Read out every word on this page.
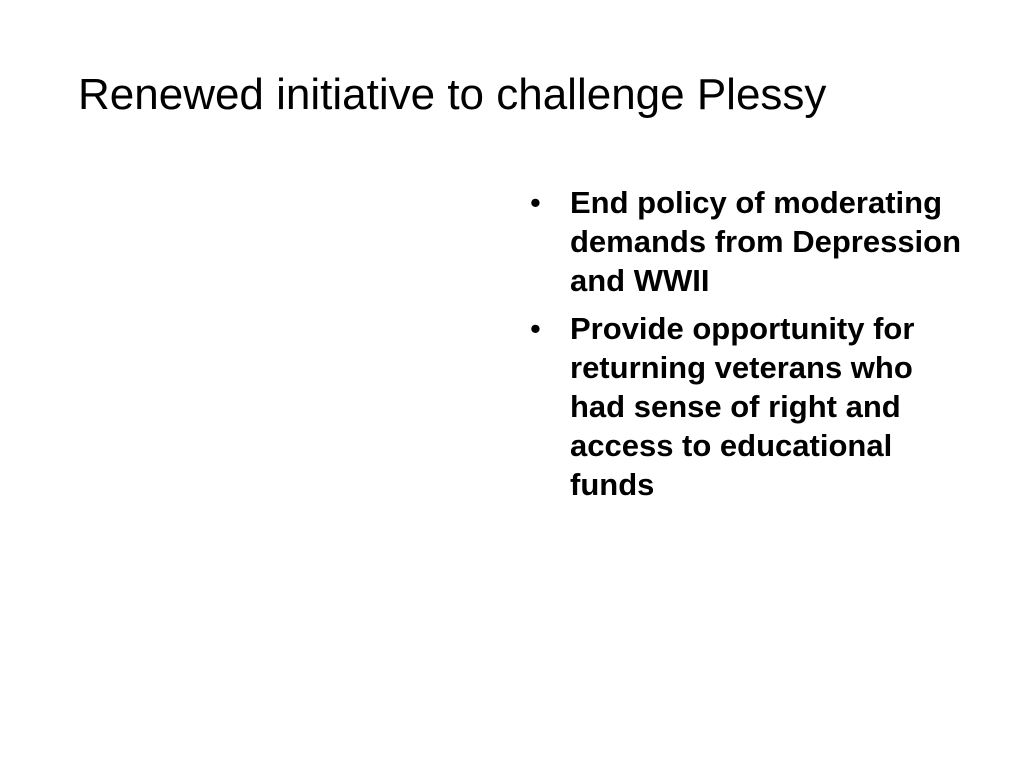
Renewed initiative to challenge Plessy
• End policy of moderating demands from Depression and WWII
• Provide opportunity for returning veterans who had sense of right and access to educational funds
